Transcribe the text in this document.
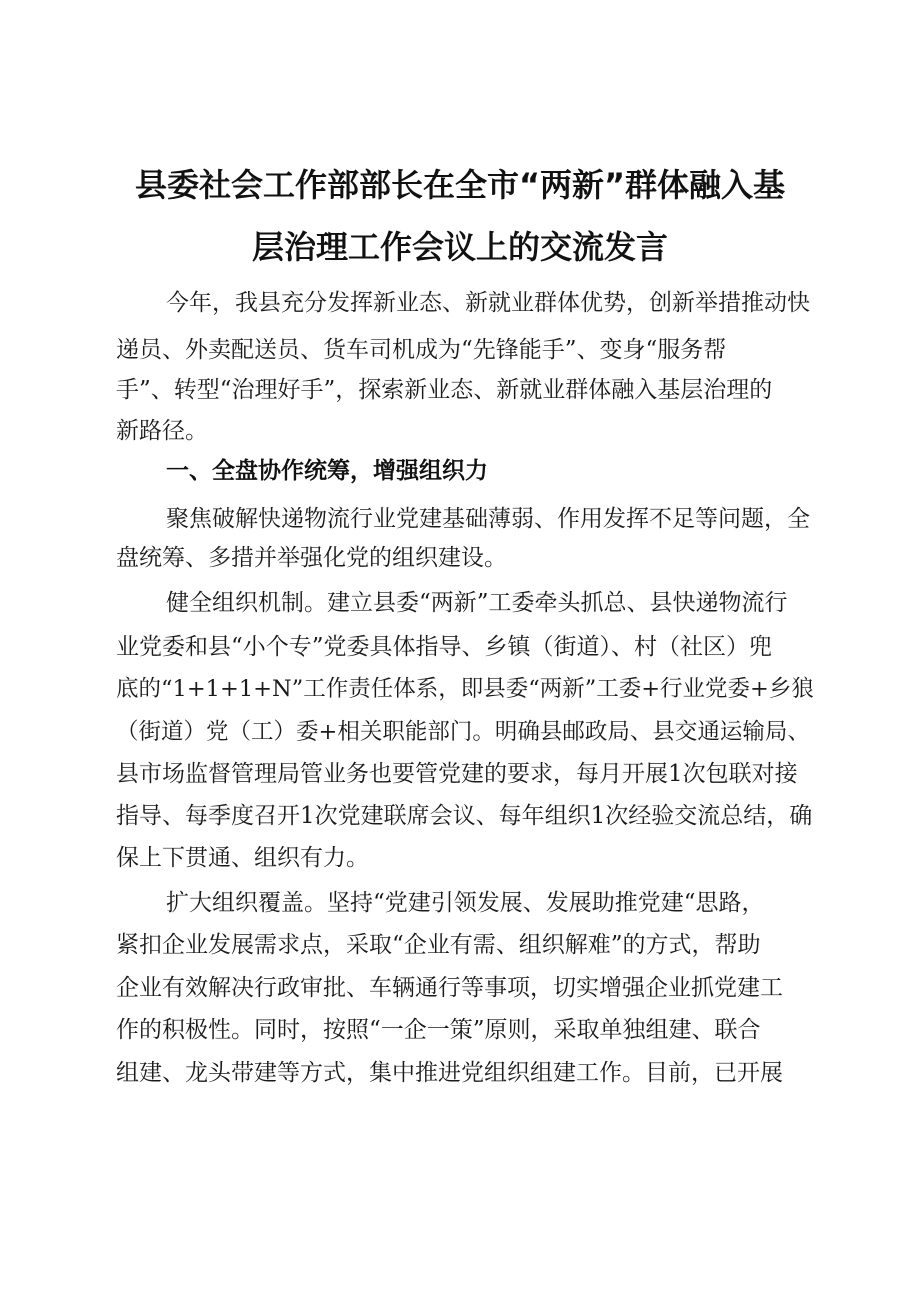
县委社会工作部部长在全市“两新”群体融入基
层治理工作会议上的交流发言
今年，我县充分发挥新业态、新就业群体优势，创新举措推动快
递员、外卖配送员、货车司机成为“先锋能手”、变身“服务帮
手”、转型“治理好手”，探索新业态、新就业群体融入基层治理的
新路径。
一、全盘协作统筹，增强组织力
聚焦破解快递物流行业党建基础薄弱、作用发挥不足等问题，全
盘统筹、多措并举强化党的组织建设。
健全组织机制。建立县委“两新”工委牵头抓总、县快递物流行
业党委和县“小个专”党委具体指导、乡镇（街道）、村（社区）兜
底的“1+1+1+N”工作责任体系，即县委“两新”工委+行业党委+乡狼
（街道）党（工）委+相关职能部门。明确县邮政局、县交通运输局、
县市场监督管理局管业务也要管党建的要求，每月开展1次包联对接
指导、每季度召开1次党建联席会议、每年组织1次经验交流总结，确
保上下贯通、组织有力。
扩大组织覆盖。坚持“党建引领发展、发展助推党建“思路，
紧扣企业发展需求点，采取“企业有需、组织解难”的方式，帮助
企业有效解决行政审批、车辆通行等事项，切实增强企业抓党建工
作的积极性。同时，按照“一企一策”原则，采取单独组建、联合
组建、龙头带建等方式，集中推进党组织组建工作。目前，已开展
